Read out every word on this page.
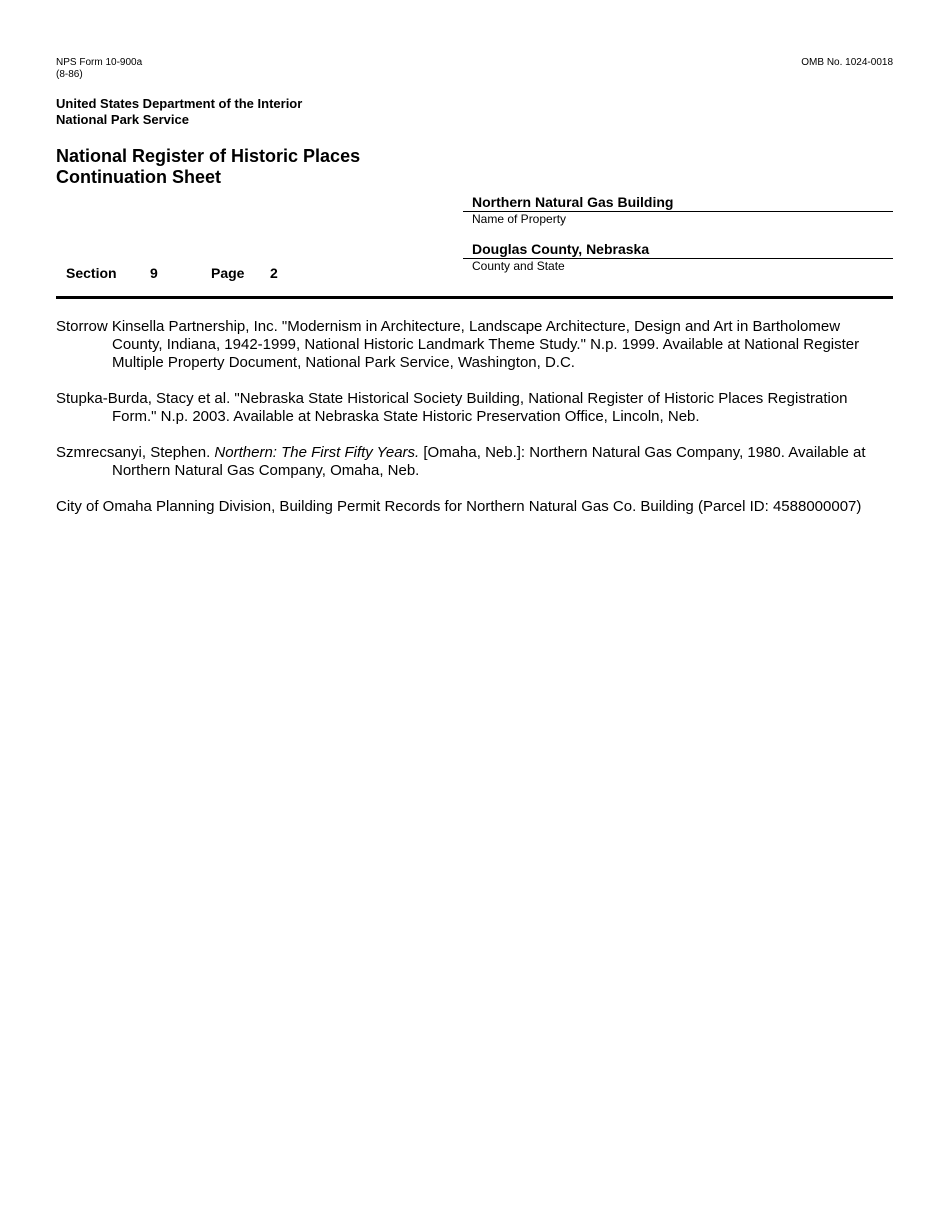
NPS Form 10-900a
(8-86)
OMB No. 1024-0018
United States Department of the Interior
National Park Service
National Register of Historic Places
Continuation Sheet
Northern Natural Gas Building
Name of Property
Douglas County, Nebraska
County and State
Section 9	Page 2

Storrow Kinsella Partnership, Inc. "Modernism in Architecture, Landscape Architecture, Design and Art in Bartholomew County, Indiana, 1942-1999, National Historic Landmark Theme Study." N.p. 1999. Available at National Register Multiple Property Document, National Park Service, Washington, D.C.

Stupka-Burda, Stacy et al. "Nebraska State Historical Society Building, National Register of Historic Places Registration Form." N.p. 2003. Available at Nebraska State Historic Preservation Office, Lincoln, Neb.

Szmrecsanyi, Stephen. Northern: The First Fifty Years. [Omaha, Neb.]: Northern Natural Gas Company, 1980. Available at Northern Natural Gas Company, Omaha, Neb.

City of Omaha Planning Division, Building Permit Records for Northern Natural Gas Co. Building (Parcel ID: 4588000007)
